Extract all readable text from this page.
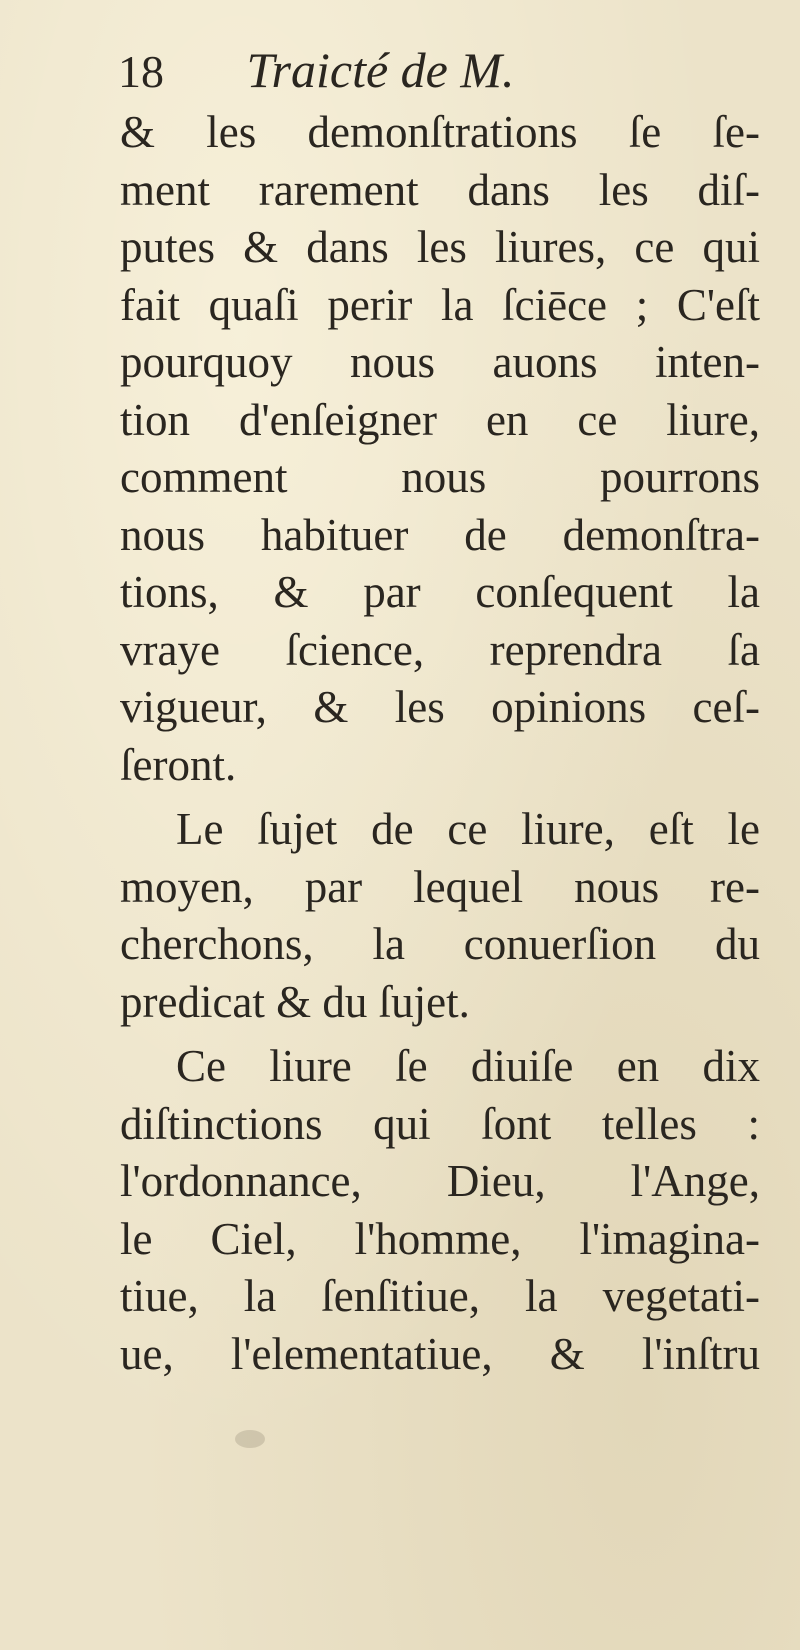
18 Traicté de M.
& les demonſtrations ſe ſe-
ment rarement dans les diſ-
putes & dans les liures, ce qui
fait quaſi perir la ſciēce ; C'eſt
pourquoy nous auons inten-
tion d'enſeigner en ce liure,
comment nous pourrons
nous habituer de demonſtra-
tions, & par conſequent la
vraye ſcience, reprendra ſa
vigueur, & les opinions ceſ-
ſeront.
Le ſujet de ce liure, eſt le
moyen, par lequel nous re-
cherchons, la conuerſion du
predicat & du ſujet.
Ce liure ſe diuiſe en dix
diſtinctions qui ſont telles :
l'ordonnance, Dieu, l'Ange,
le Ciel, l'homme, l'imagina-
tiue, la ſenſitiue, la vegetati-
ue, l'elementatiue, & l'inſtru
